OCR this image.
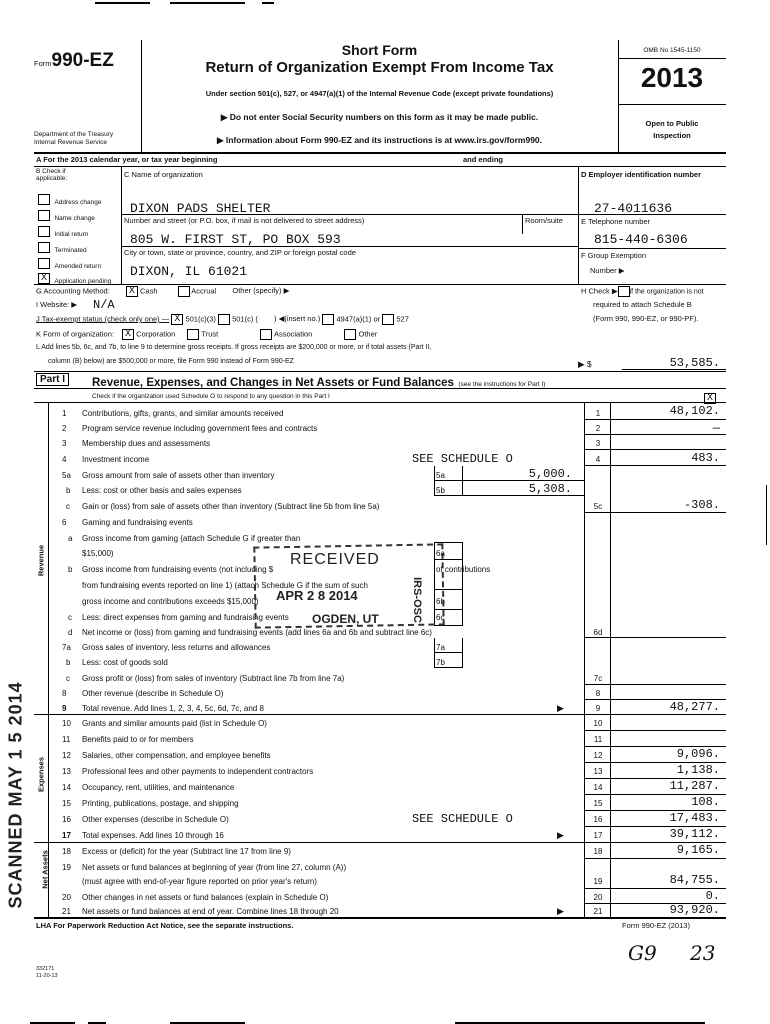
Form990-EZ
Department of the Treasury
Internal Revenue Service
Short Form
Return of Organization Exempt From Income Tax
Under section 501(c), 527, or 4947(a)(1) of the Internal Revenue Code (except private foundations)
▶ Do not enter Social Security numbers on this form as it may be made public.
▶ Information about Form 990-EZ and its instructions is at www.irs.gov/form990.
OMB No 1545-1150
2013
Open to Public
Inspection
A For the 2013 calendar year, or tax year beginning	and ending
B Check if applicable:
Address change
Name change
Initial return
Terminated
Amended return
X Application pending
C Name of organization
DIXON PADS SHELTER
Number and street (or P.O. box, if mail is not delivered to street address)	Room/suite
805 W. FIRST ST, PO BOX 593
City or town, state or province, country, and ZIP or foreign postal code
DIXON, IL 61021
D Employer identification number
27-4011636
E Telephone number
815-440-6306
F Group Exemption
Number ▶
G Accounting Method: X Cash	Accrual Other (specify) ▶	H Check ▶ if the organization is not
required to attach Schedule B
(Form 990, 990-EZ, or 990-PF).
I Website: ▶ N/A
J Tax-exempt status (check only one) — X 501(c)(3) 501(c) ( ) ◀(insert no.) 4947(a)(1) or 527
K Form of organization: X Corporation	Trust	Association	Other
L Add lines 5b, 6c, and 7b, to line 9 to determine gross receipts. If gross receipts are $200,000 or more, or if total assets (Part II,
column (B) below) are $500,000 or more, file Form 990 instead of Form 990-EZ	▶ $	53,585.
Part I	Revenue, Expenses, and Changes in Net Assets or Fund Balances (see the instructions for Part I)
Check if the organization used Schedule O to respond to any question in this Part I	X
Revenue
Expenses
Net Assets
1 Contributions, gifts, grants, and similar amounts received	1	48,102.
2 Program service revenue including government fees and contracts	2	—
3 Membership dues and assessments	3
4 Investment income	SEE SCHEDULE O	4	483.
5a Gross amount from sale of assets other than inventory	5a	5,000.
b Less: cost or other basis and sales expenses	5b	5,308.
c Gain or (loss) from sale of assets other than inventory (Subtract line 5b from line 5a)	5c	-308.
6 Gaming and fundraising events
a Gross income from gaming (attach Schedule G if greater than
$15,000)	6a
b Gross income from fundraising events (not including $	of contributions
from fundraising events reported on line 1) (attach Schedule G if the sum of such
gross income and contributions exceeds $15,000)	6b
c Less: direct expenses from gaming and fundraising events	6c
d Net income or (loss) from gaming and fundraising events (add lines 6a and 6b and subtract line 6c)	6d
7a Gross sales of inventory, less returns and allowances	7a
b Less: cost of goods sold	7b
c Gross profit or (loss) from sales of inventory (Subtract line 7b from line 7a)	7c
8 Other revenue (describe in Schedule O)	8
9 Total revenue. Add lines 1, 2, 3, 4, 5c, 6d, 7c, and 8	▶	9	48,277.
10 Grants and similar amounts paid (list in Schedule O)	10
11 Benefits paid to or for members	11
12 Salaries, other compensation, and employee benefits	12	9,096.
13 Professional fees and other payments to independent contractors	13	1,138.
14 Occupancy, rent, utilities, and maintenance	14	11,287.
15 Printing, publications, postage, and shipping	15	108.
16 Other expenses (describe in Schedule O)	SEE SCHEDULE O	16	17,483.
17 Total expenses. Add lines 10 through 16	▶	17	39,112.
18 Excess or (deficit) for the year (Subtract line 17 from line 9)	18	9,165.
19 Net assets or fund balances at beginning of year (from line 27, column (A))
(must agree with end-of-year figure reported on prior year's return)	19	84,755.
20 Other changes in net assets or fund balances (explain in Schedule O)	20	0.
21 Net assets or fund balances at end of year. Combine lines 18 through 20	▶	21	93,920.
LHA For Paperwork Reduction Act Notice, see the separate instructions.	Form 990-EZ (2013)
G9 23
332171
11-20-13
RECEIVED
APR 2 8 2014
OGDEN, UT	IRS-OSC
SCANNED MAY 1 5 2014
